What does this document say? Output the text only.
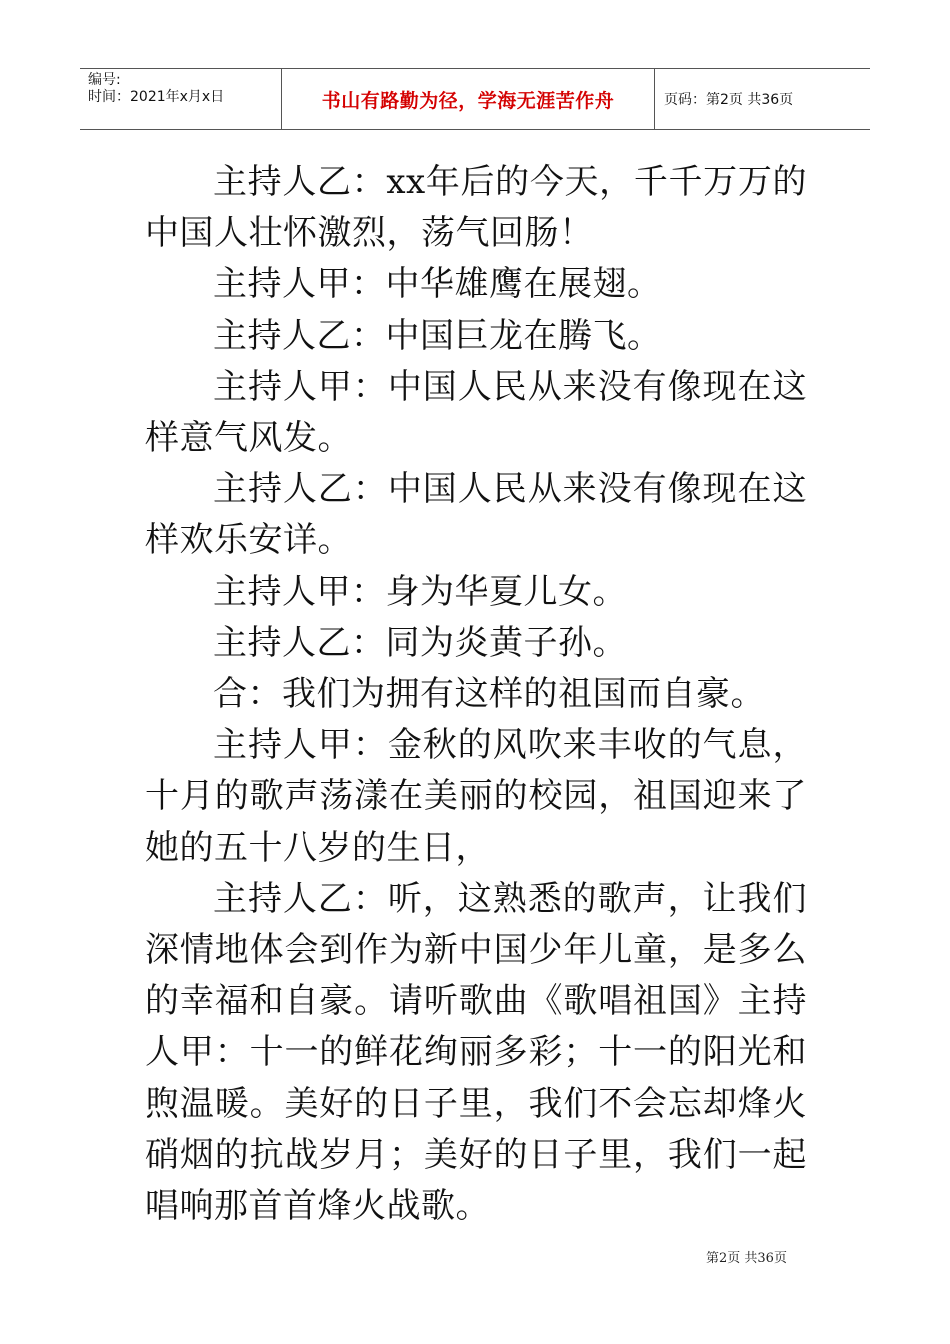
编号:
时间：2021年x月x日	书山有路勤为径，学海无涯苦作舟	页码：第2页 共36页

主持人乙：xx年后的今天，千千万万的中国人壮怀激烈，荡气回肠！

主持人甲：中华雄鹰在展翅。

主持人乙：中国巨龙在腾飞。

主持人甲：中国人民从来没有像现在这样意气风发。

主持人乙：中国人民从来没有像现在这样欢乐安详。

主持人甲：身为华夏儿女。

主持人乙：同为炎黄子孙。

合：我们为拥有这样的祖国而自豪。

主持人甲：金秋的风吹来丰收的气息，十月的歌声荡漾在美丽的校园，祖国迎来了她的五十八岁的生日，

主持人乙：听，这熟悉的歌声，让我们深情地体会到作为新中国少年儿童，是多么的幸福和自豪。请听歌曲《歌唱祖国》主持人甲：十一的鲜花绚丽多彩；十一的阳光和煦温暖。美好的日子里，我们不会忘却烽火硝烟的抗战岁月；美好的日子里，我们一起唱响那首首烽火战歌。

第2页 共36页
